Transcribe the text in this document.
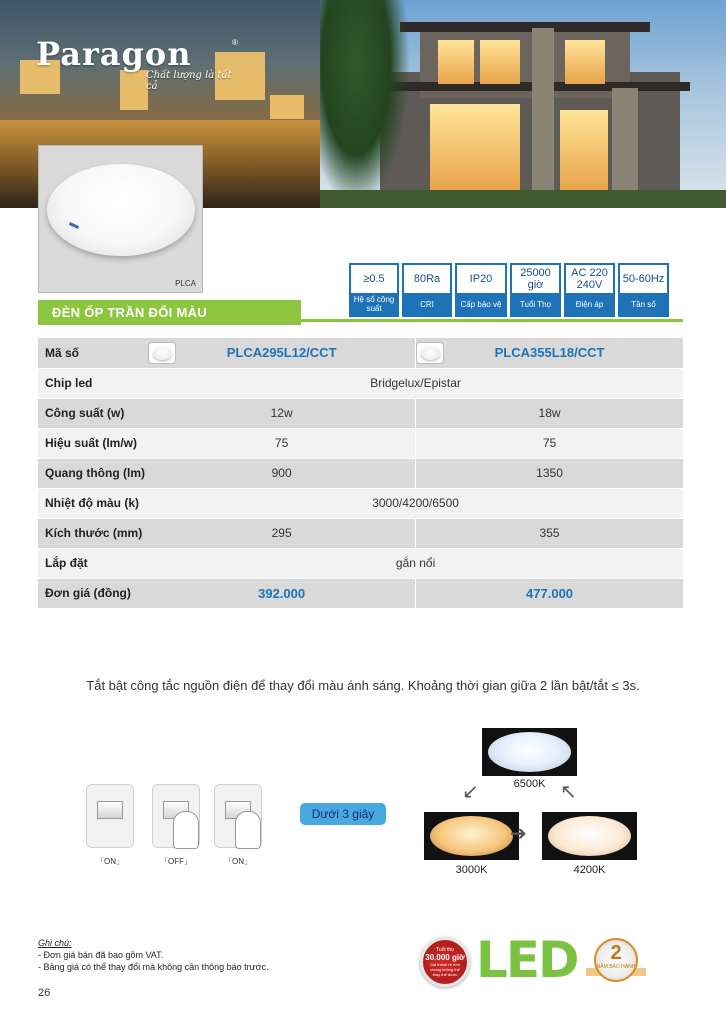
Paragon	®
Chất lượng là tất cả
PLCA	≥0.5
Hệ số công suất
80Ra
CRI
IP20
Cấp bảo vệ
25000 giờ
Tuổi Thọ
AC 220 240V
Điện áp
50-60Hz
Tần số
ĐÈN ỐP TRẦN ĐỔI MÀU
Mã số	PLCA295L12/CCT	PLCA355L18/CCT
Chip led	Bridgelux/Epistar	
Công suất (w)	12w	18w
Hiệu suất (lm/w)	75	75
Quang thông (lm)	900	1350
Nhiệt độ màu (k)	3000/4200/6500	
Kích thước (mm)	295	355
Lắp đặt	gắn nổi	
Đơn giá (đồng)	392.000	477.000
Tắt bật công tắc nguồn điện để thay đổi màu ánh sáng. Khoảng thời gian giữa 2 lần bật/tắt ≤ 3s.
「ON」	「OFF」	「ON」
Dưới 3 giây
6500K
3000K	4200K
↙	↖
➔
Ghi chú:
- Đơn giá bán đã bao gồm VAT.
- Bảng giá có thể thay đổi mà không cần thông báo trước.
26
Tuổi thọ
30.000 giờ
Giá thành rẻ hơn chóng không thể thay thế được LED	2
NĂM BẢO HÀNH
